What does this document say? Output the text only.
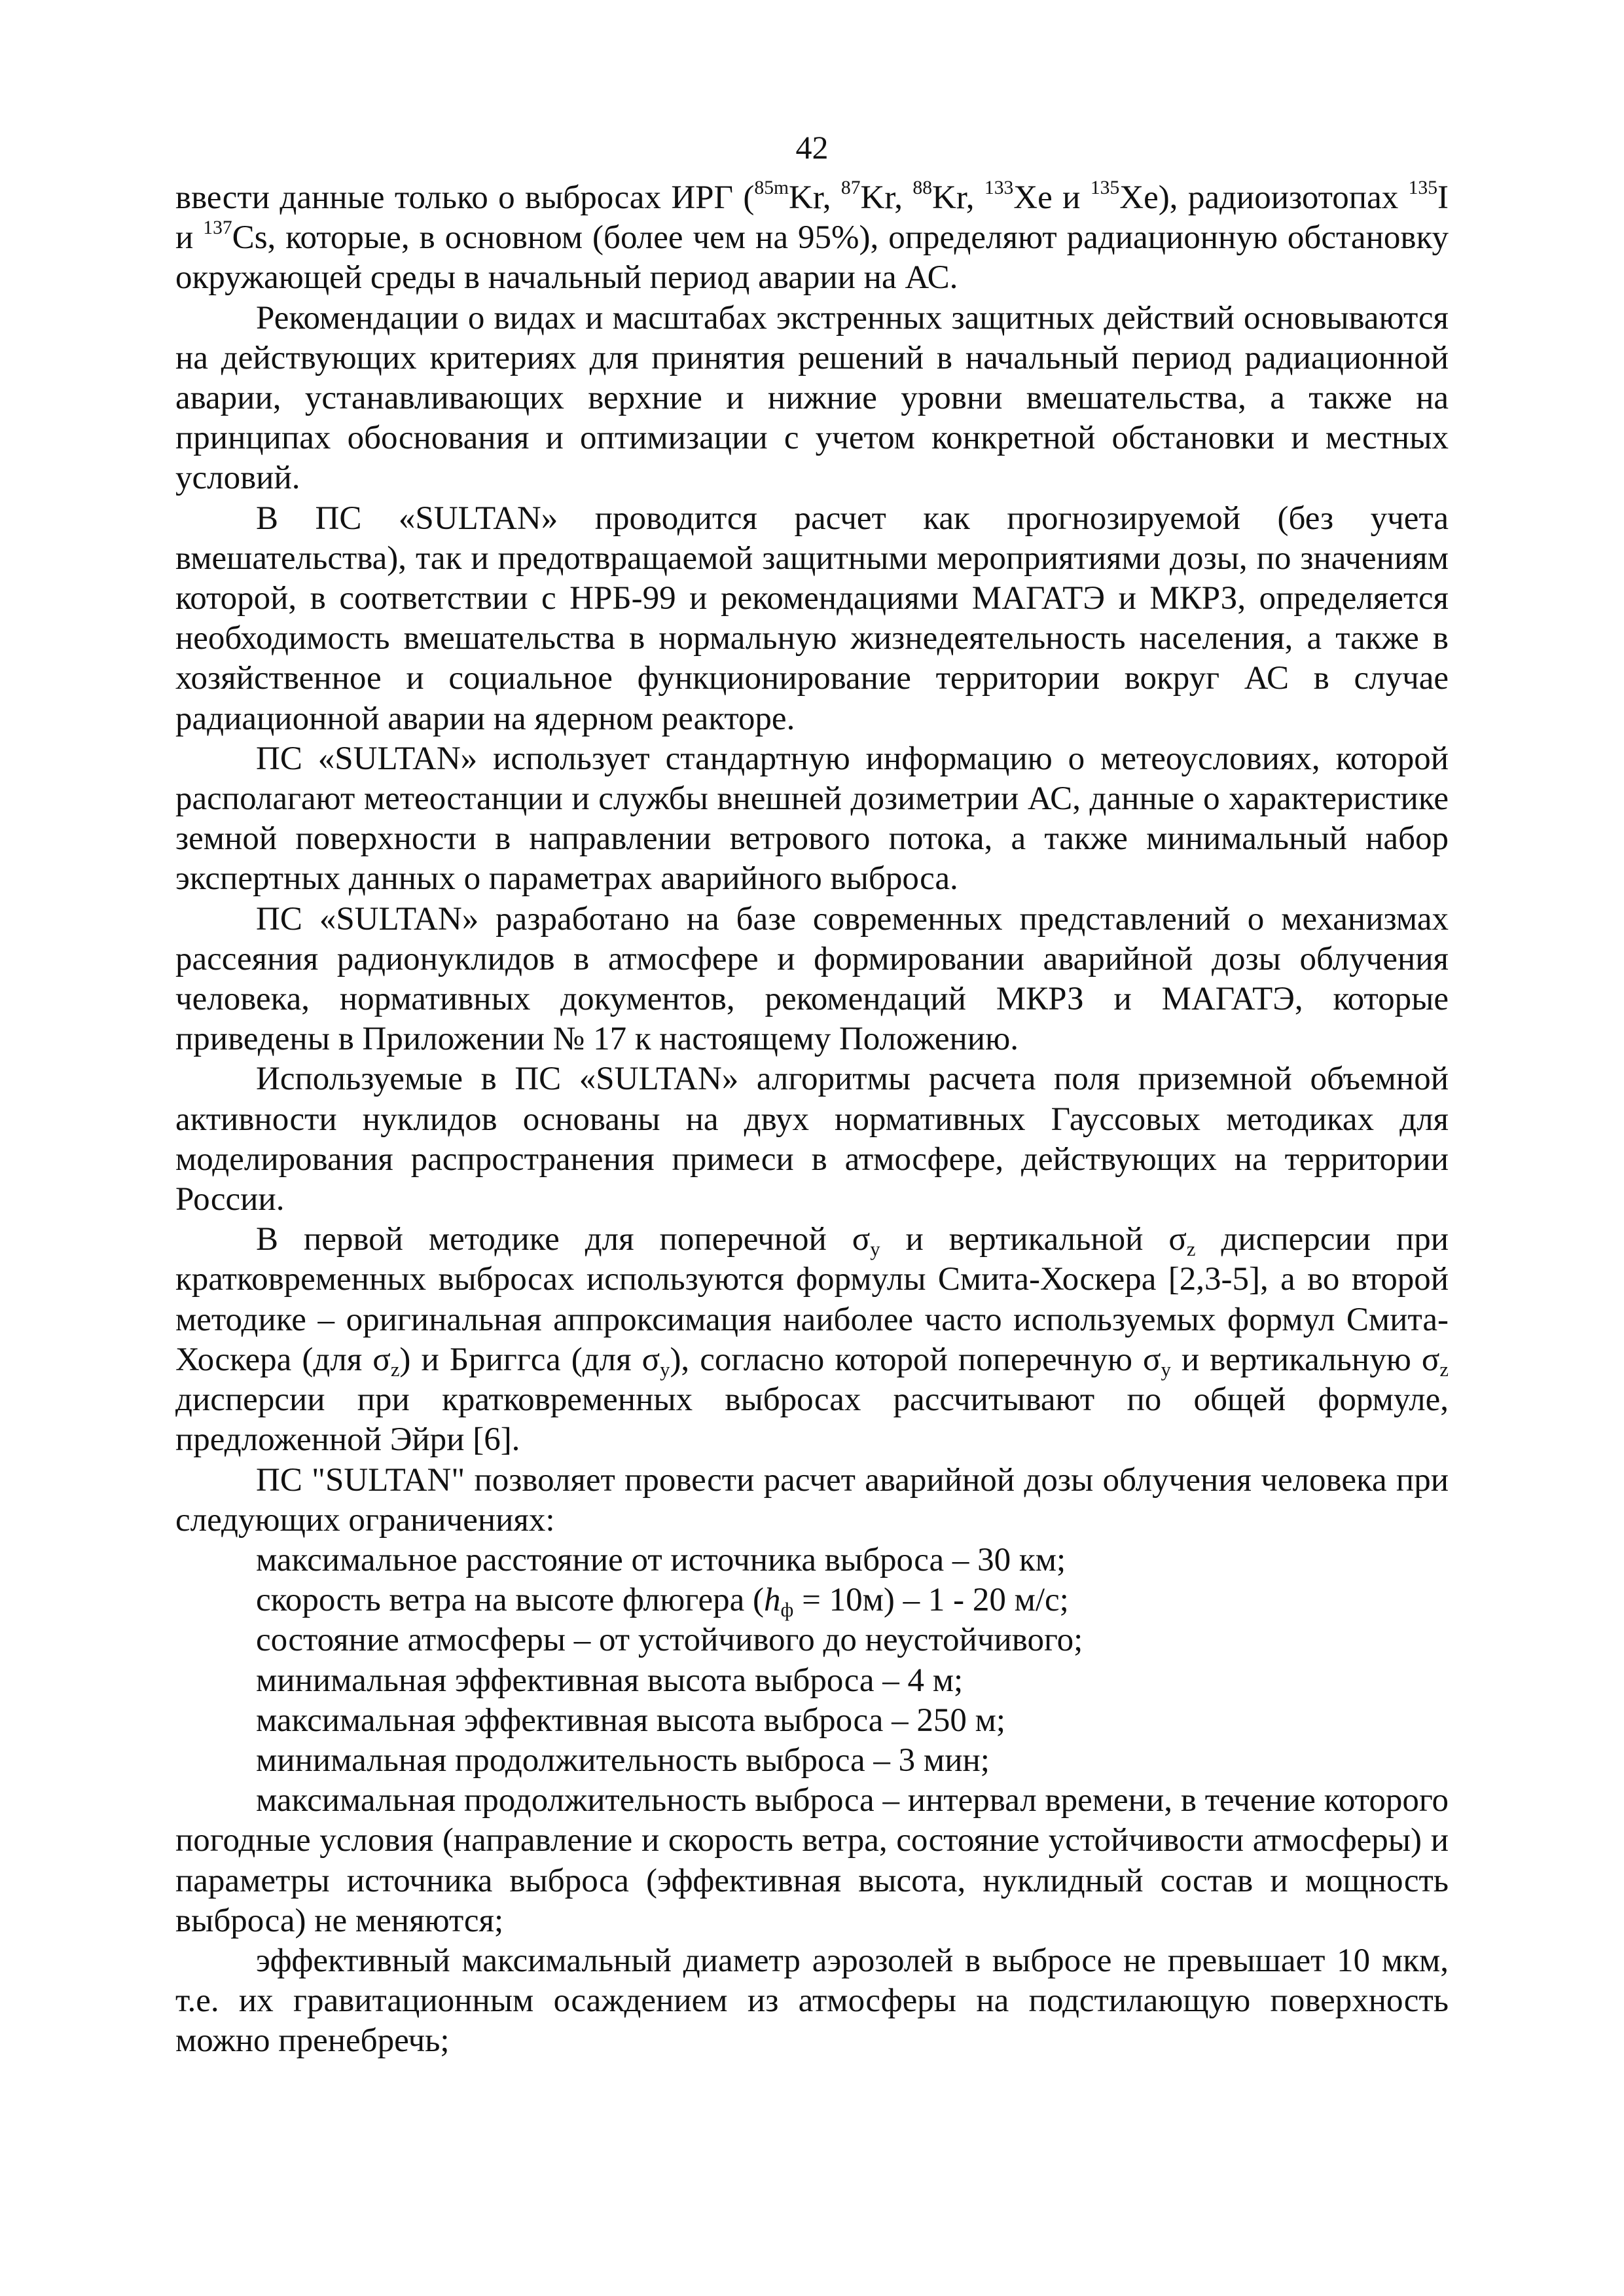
42

ввести данные только о выбросах ИРГ ($^{85m}$Kr, $^{87}$Kr, $^{88}$Kr, $^{133}$Xe и $^{135}$Xe), радиоизотопах $^{135}$I и $^{137}$Cs, которые, в основном (более чем на 95%), определяют радиационную обстановку окружающей среды в начальный период аварии на АС.

Рекомендации о видах и масштабах экстренных защитных действий основываются на действующих критериях для принятия решений в начальный период радиационной аварии, устанавливающих верхние и нижние уровни вмешательства, а также на принципах обоснования и оптимизации с учетом конкретной обстановки и местных условий.

В ПС «SULTAN» проводится расчет как прогнозируемой (без учета вмешательства), так и предотвращаемой защитными мероприятиями дозы, по значениям которой, в соответствии с НРБ-99 и рекомендациями МАГАТЭ и МКРЗ, определяется необходимость вмешательства в нормальную жизнедеятельность населения, а также в хозяйственное и социальное функционирование территории вокруг АС в случае радиационной аварии на ядерном реакторе.

ПС «SULTAN» использует стандартную информацию о метеоусловиях, которой располагают метеостанции и службы внешней дозиметрии АС, данные о характеристике земной поверхности в направлении ветрового потока, а также минимальный набор экспертных данных о параметрах аварийного выброса.

ПС «SULTAN» разработано на базе современных представлений о механизмах рассеяния радионуклидов в атмосфере и формировании аварийной дозы облучения человека, нормативных документов, рекомендаций МКРЗ и МАГАТЭ, которые приведены в Приложении № 17 к настоящему Положению.

Используемые в ПС «SULTAN» алгоритмы расчета поля приземной объемной активности нуклидов основаны на двух нормативных Гауссовых методиках для моделирования распространения примеси в атмосфере, действующих на территории России.

В первой методике для поперечной $\sigma_y$ и вертикальной $\sigma_z$ дисперсии при кратковременных выбросах используются формулы Смита-Хоскера [2,3-5], а во второй методике – оригинальная аппроксимация наиболее часто используемых формул Смита-Хоскера (для $\sigma_z$) и Бриггса (для $\sigma_y$), согласно которой поперечную $\sigma_y$ и вертикальную $\sigma_z$ дисперсии при кратковременных выбросах рассчитывают по общей формуле, предложенной Эйри [6].

ПС "SULTAN" позволяет провести расчет аварийной дозы облучения человека при следующих ограничениях:

максимальное расстояние от источника выброса – 30 км;

скорость ветра на высоте флюгера $(h_ф = 10м) - 1 - 20$ м/с;

состояние атмосферы – от устойчивого до неустойчивого;

минимальная эффективная высота выброса – 4 м;

максимальная эффективная высота выброса – 250 м;

минимальная продолжительность выброса – 3 мин;

максимальная продолжительность выброса – интервал времени, в течение которого погодные условия (направление и скорость ветра, состояние устойчивости атмосферы) и параметры источника выброса (эффективная высота, нуклидный состав и мощность выброса) не меняются;

эффективный максимальный диаметр аэрозолей в выбросе не превышает 10 мкм, т.е. их гравитационным осаждением из атмосферы на подстилающую поверхность можно пренебречь;
